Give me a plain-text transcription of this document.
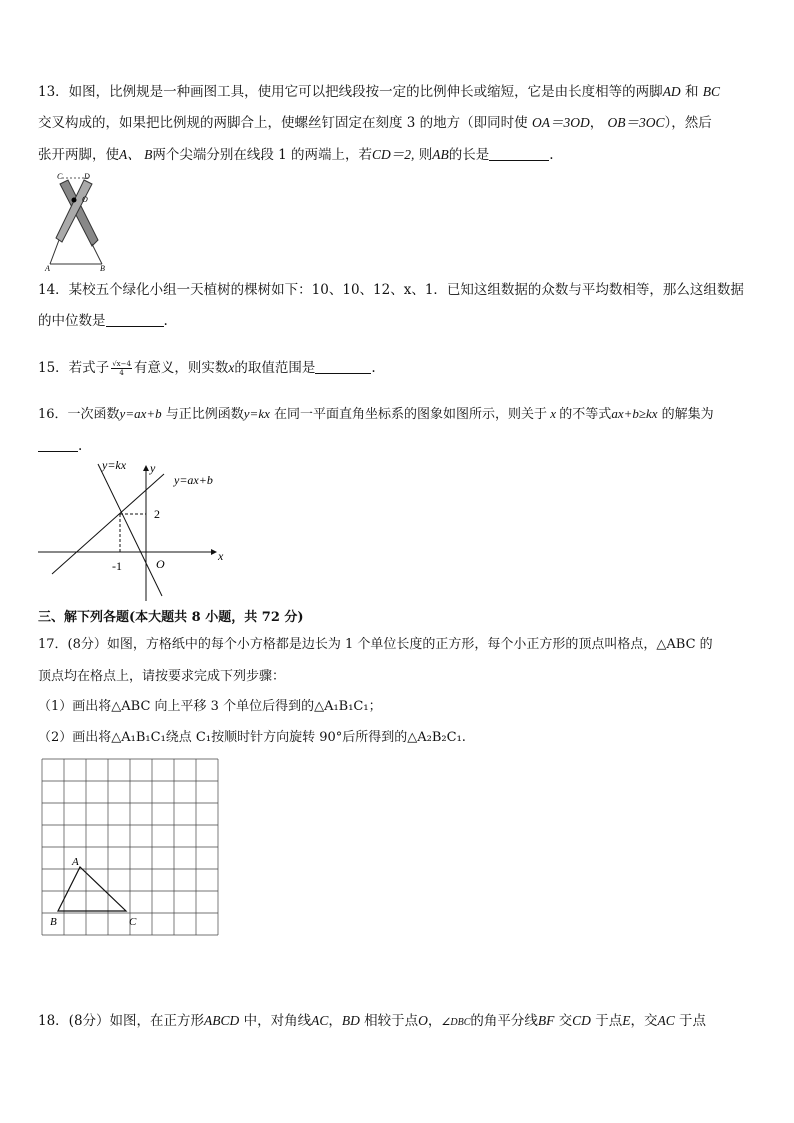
13．如图，比例规是一种画图工具，使用它可以把线段按一定的比例伸长或缩短，它是由长度相等的两脚AD 和 BC
交叉构成的，如果把比例规的两脚合上，使螺丝钉固定在刻度 3 的地方（即同时使 OA＝3OD， OB＝3OC），然后
张开两脚，使A、 B两个尖端分别在线段 1 的两端上，若CD＝2, 则AB的长是	.
C	D
O
A	B
14．某校五个绿化小组一天植树的棵树如下：10、10、12、x、1．已知这组数据的众数与平均数相等，那么这组数据
的中位数是	.
15．若式子 $\frac{√x-4}{4}$ 有意义，则实数x的取值范围是	.
16．一次函数y=ax+b 与正比例函数y=kx 在同一平面直角坐标系的图象如图所示，则关于 x 的不等式ax+b≥kx 的解集为
.
y=kx
y=ax+b
y
x
2
-1	O
三、解下列各题(本大题共 8 小题，共 72 分)
17．(8分）如图，方格纸中的每个小方格都是边长为 1 个单位长度的正方形，每个小正方形的顶点叫格点，△ABC 的
顶点均在格点上，请按要求完成下列步骤：
（1）画出将△ABC 向上平移 3 个单位后得到的△A₁B₁C₁；
（2）画出将△A₁B₁C₁绕点 C₁按顺时针方向旋转 90°后所得到的△A₂B₂C₁.
A
B	C
18．(8分）如图，在正方形ABCD 中，对角线AC，BD 相较于点O，∠DBC的角平分线BF 交CD 于点E，交AC 于点
